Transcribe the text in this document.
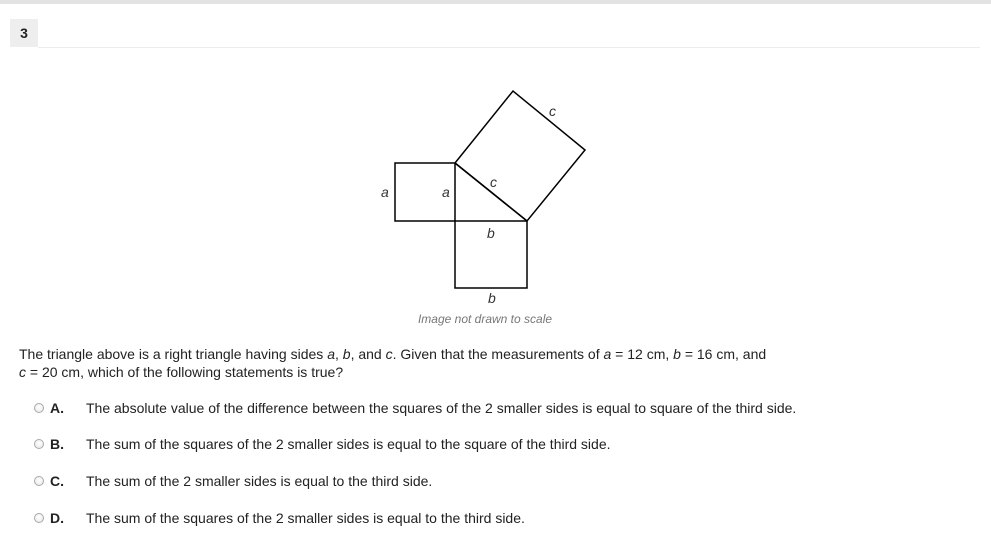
3
a	a
c
c
b
b
Image not drawn to scale
The triangle above is a right triangle having sides a, b, and c. Given that the measurements of a = 12 cm, b = 16 cm, and
c = 20 cm, which of the following statements is true?
A.	The absolute value of the difference between the squares of the 2 smaller sides is equal to square of the third side.
B.	The sum of the squares of the 2 smaller sides is equal to the square of the third side.
C.	The sum of the 2 smaller sides is equal to the third side.
D.	The sum of the squares of the 2 smaller sides is equal to the third side.
